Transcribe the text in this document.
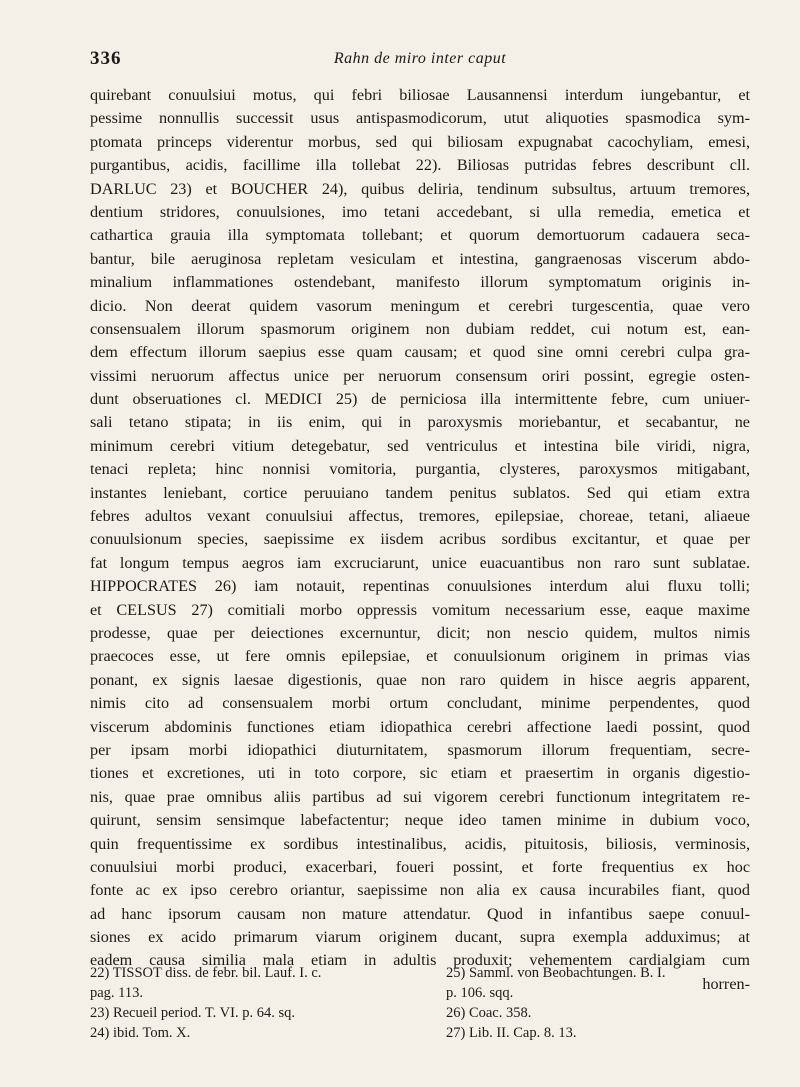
336	Rahn de miro inter caput
quirebant conuulsiui motus, qui febri biliosae Lausannensi interdum iungebantur, et
pessime nonnullis successit usus antispasmodicorum, utut aliquoties spasmodica sym-
ptomata princeps viderentur morbus, sed qui biliosam expugnabat cacochyliam, emesi,
purgantibus, acidis, facillime illa tollebat 22). Biliosas putridas febres describunt cll.
DARLUC 23) et BOUCHER 24), quibus deliria, tendinum subsultus, artuum tremores,
dentium stridores, conuulsiones, imo tetani accedebant, si ulla remedia, emetica et
cathartica grauia illa symptomata tollebant; et quorum demortuorum cadauera seca-
bantur, bile aeruginosa repletam vesiculam et intestina, gangraenosas viscerum abdo-
minalium inflammationes ostendebant, manifesto illorum symptomatum originis in-
dicio. Non deerat quidem vasorum meningum et cerebri turgescentia, quae vero
consensualem illorum spasmorum originem non dubiam reddet, cui notum est, ean-
dem effectum illorum saepius esse quam causam; et quod sine omni cerebri culpa gra-
vissimi neruorum affectus unice per neruorum consensum oriri possint, egregie osten-
dunt obseruationes cl. MEDICI 25) de perniciosa illa intermittente febre, cum uniuer-
sali tetano stipata; in iis enim, qui in paroxysmis moriebantur, et secabantur, ne
minimum cerebri vitium detegebatur, sed ventriculus et intestina bile viridi, nigra,
tenaci repleta; hinc nonnisi vomitoria, purgantia, clysteres, paroxysmos mitigabant,
instantes leniebant, cortice peruuiano tandem penitus sublatos. Sed qui etiam extra
febres adultos vexant conuulsiui affectus, tremores, epilepsiae, choreae, tetani, aliaeue
conuulsionum species, saepissime ex iisdem acribus sordibus excitantur, et quae per
fat longum tempus aegros iam excruciarunt, unice euacuantibus non raro sunt sublatae.
HIPPOCRATES 26) iam notauit, repentinas conuulsiones interdum alui fluxu tolli;
et CELSUS 27) comitiali morbo oppressis vomitum necessarium esse, eaque maxime
prodesse, quae per deiectiones excernuntur, dicit; non nescio quidem, multos nimis
praecoces esse, ut fere omnis epilepsiae, et conuulsionum originem in primas vias
ponant, ex signis laesae digestionis, quae non raro quidem in hisce aegris apparent,
nimis cito ad consensualem morbi ortum concludant, minime perpendentes, quod
viscerum abdominis functiones etiam idiopathica cerebri affectione laedi possint, quod
per ipsam morbi idiopathici diuturnitatem, spasmorum illorum frequentiam, secre-
tiones et excretiones, uti in toto corpore, sic etiam et praesertim in organis digestio-
nis, quae prae omnibus aliis partibus ad sui vigorem cerebri functionum integritatem re-
quirunt, sensim sensimque labefactentur; neque ideo tamen minime in dubium voco,
quin frequentissime ex sordibus intestinalibus, acidis, pituitosis, biliosis, verminosis,
conuulsiui morbi produci, exacerbari, foueri possint, et forte frequentius ex hoc
fonte ac ex ipso cerebro oriantur, saepissime non alia ex causa incurabiles fiant, quod
ad hanc ipsorum causam non mature attendatur. Quod in infantibus saepe conuul-
siones ex acido primarum viarum originem ducant, supra exempla adduximus; at
eadem causa similia mala etiam in adultis produxit; vehementem cardialgiam cum
horren-
22) TISSOT diss. de febr. bil. Lauf. I. c.
pag. 113.
23) Recueil period. T. VI. p. 64. sq.
24) ibid. Tom. X.
25) Samml. von Beobachtungen. B. I.
p. 106. sqq.
26) Coac. 358.
27) Lib. II. Cap. 8. 13.
